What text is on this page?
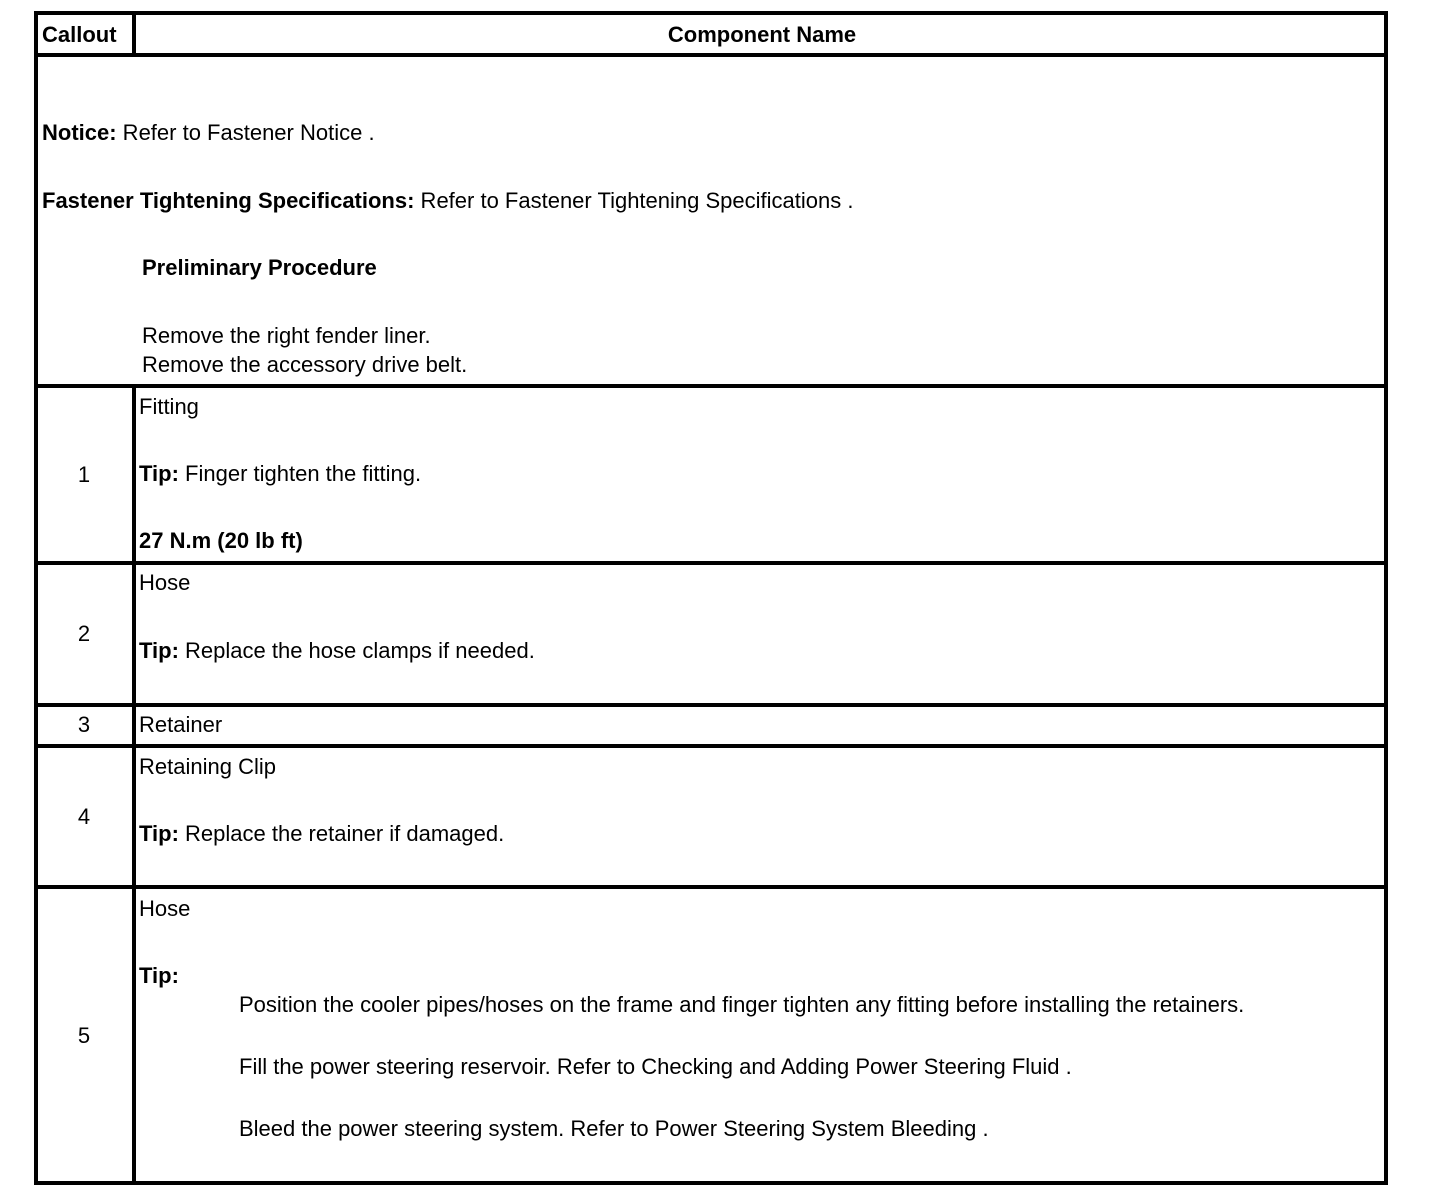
Callout	Component Name
Notice: Refer to Fastener Notice .
Fastener Tightening Specifications: Refer to Fastener Tightening Specifications .
Preliminary Procedure
Remove the right fender liner.
Remove the accessory drive belt.
1
Fitting
Tip: Finger tighten the fitting.
27 N.m (20 lb ft)
2
Hose
Tip: Replace the hose clamps if needed.
3	Retainer
4
Retaining Clip
Tip: Replace the retainer if damaged.
5
Hose
Tip:
Position the cooler pipes/hoses on the frame and finger tighten any fitting before installing the retainers.
Fill the power steering reservoir. Refer to Checking and Adding Power Steering Fluid .
Bleed the power steering system. Refer to Power Steering System Bleeding .
